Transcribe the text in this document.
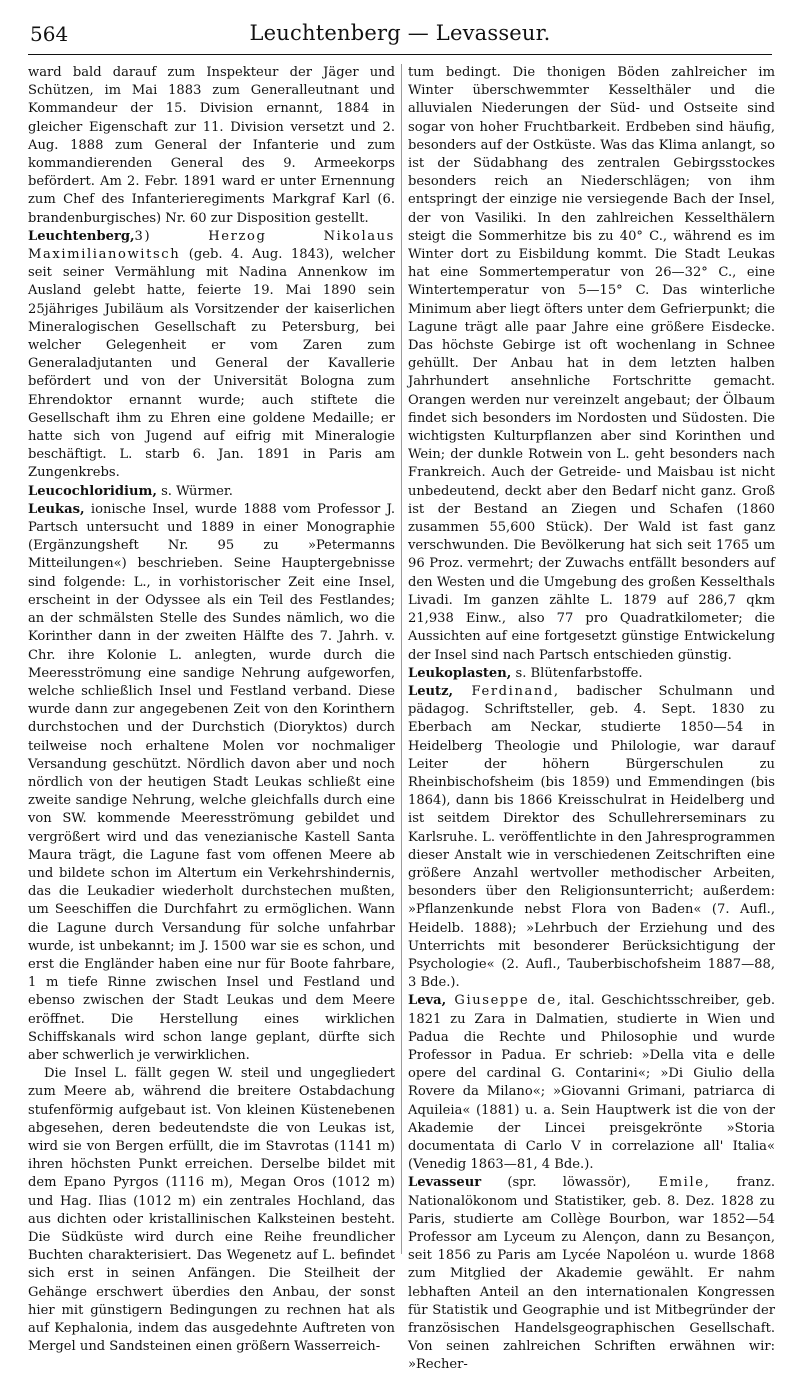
564	Leuchtenberg — Levasseur.

ward bald darauf zum Inspekteur der Jäger und Schützen, im Mai 1883 zum Generalleutnant und Kommandeur der 15. Division ernannt, 1884 in gleicher Eigenschaft zur 11. Division versetzt und 2. Aug. 1888 zum General der Infanterie und zum kommandierenden General des 9. Armeekorps befördert. Am 2. Febr. 1891 ward er unter Ernennung zum Chef des Infanterieregiments Markgraf Karl (6. brandenburgisches) Nr. 60 zur Disposition gestellt.

Leuchtenberg,3) Herzog Nikolaus Maximilianowitsch (geb. 4. Aug. 1843), welcher seit seiner Vermählung mit Nadina Annenkow im Ausland gelebt hatte, feierte 19. Mai 1890 sein 25jähriges Jubiläum als Vorsitzender der kaiserlichen Mineralogischen Gesellschaft zu Petersburg, bei welcher Gelegenheit er vom Zaren zum Generaladjutanten und General der Kavallerie befördert und von der Universität Bologna zum Ehrendoktor ernannt wurde; auch stiftete die Gesellschaft ihm zu Ehren eine goldene Medaille; er hatte sich von Jugend auf eifrig mit Mineralogie beschäftigt. L. starb 6. Jan. 1891 in Paris am Zungenkrebs.

Leucochloridium, s. Würmer.

Leukas, ionische Insel, wurde 1888 vom Professor J. Partsch untersucht und 1889 in einer Monographie (Ergänzungsheft Nr. 95 zu »Petermanns Mitteilungen«) beschrieben. Seine Hauptergebnisse sind folgende: L., in vorhistorischer Zeit eine Insel, erscheint in der Odyssee als ein Teil des Festlandes; an der schmälsten Stelle des Sundes nämlich, wo die Korinther dann in der zweiten Hälfte des 7. Jahrh. v. Chr. ihre Kolonie L. anlegten, wurde durch die Meeresströmung eine sandige Nehrung aufgeworfen, welche schließlich Insel und Festland verband. Diese wurde dann zur angegebenen Zeit von den Korinthern durchstochen und der Durchstich (Dioryktos) durch teilweise noch erhaltene Molen vor nochmaliger Versandung geschützt. Nördlich davon aber und noch nördlich von der heutigen Stadt Leukas schließt eine zweite sandige Nehrung, welche gleichfalls durch eine von SW. kommende Meeresströmung gebildet und vergrößert wird und das venezianische Kastell Santa Maura trägt, die Lagune fast vom offenen Meere ab und bildete schon im Altertum ein Verkehrshindernis, das die Leukadier wiederholt durchstechen mußten, um Seeschiffen die Durchfahrt zu ermöglichen. Wann die Lagune durch Versandung für solche unfahrbar wurde, ist unbekannt; im J. 1500 war sie es schon, und erst die Engländer haben eine nur für Boote fahrbare, 1 m tiefe Rinne zwischen Insel und Festland und ebenso zwischen der Stadt Leukas und dem Meere eröffnet. Die Herstellung eines wirklichen Schiffskanals wird schon lange geplant, dürfte sich aber schwerlich je verwirklichen.

Die Insel L. fällt gegen W. steil und ungegliedert zum Meere ab, während die breitere Ostabdachung stufenförmig aufgebaut ist. Von kleinen Küstenebenen abgesehen, deren bedeutendste die von Leukas ist, wird sie von Bergen erfüllt, die im Stavrotas (1141 m) ihren höchsten Punkt erreichen. Derselbe bildet mit dem Epano Pyrgos (1116 m), Megan Oros (1012 m) und Hag. Ilias (1012 m) ein zentrales Hochland, das aus dichten oder kristallinischen Kalksteinen besteht. Die Südküste wird durch eine Reihe freundlicher Buchten charakterisiert. Das Wegenetz auf L. befindet sich erst in seinen Anfängen. Die Steilheit der Gehänge erschwert überdies den Anbau, der sonst hier mit günstigern Bedingungen zu rechnen hat als auf Kephalonia, indem das ausgedehnte Auftreten von Mergel und Sandsteinen einen größern Wasserreich-

tum bedingt. Die thonigen Böden zahlreicher im Winter überschwemmter Kesselthäler und die alluvialen Niederungen der Süd- und Ostseite sind sogar von hoher Fruchtbarkeit. Erdbeben sind häufig, besonders auf der Ostküste. Was das Klima anlangt, so ist der Südabhang des zentralen Gebirgsstockes besonders reich an Niederschlägen; von ihm entspringt der einzige nie versiegende Bach der Insel, der von Vasiliki. In den zahlreichen Kesselthälern steigt die Sommerhitze bis zu 40° C., während es im Winter dort zu Eisbildung kommt. Die Stadt Leukas hat eine Sommertemperatur von 26—32° C., eine Wintertemperatur von 5—15° C. Das winterliche Minimum aber liegt öfters unter dem Gefrierpunkt; die Lagune trägt alle paar Jahre eine größere Eisdecke. Das höchste Gebirge ist oft wochenlang in Schnee gehüllt. Der Anbau hat in dem letzten halben Jahrhundert ansehnliche Fortschritte gemacht. Orangen werden nur vereinzelt angebaut; der Ölbaum findet sich besonders im Nordosten und Südosten. Die wichtigsten Kulturpflanzen aber sind Korinthen und Wein; der dunkle Rotwein von L. geht besonders nach Frankreich. Auch der Getreide- und Maisbau ist nicht unbedeutend, deckt aber den Bedarf nicht ganz. Groß ist der Bestand an Ziegen und Schafen (1860 zusammen 55,600 Stück). Der Wald ist fast ganz verschwunden. Die Bevölkerung hat sich seit 1765 um 96 Proz. vermehrt; der Zuwachs entfällt besonders auf den Westen und die Umgebung des großen Kesselthals Livadi. Im ganzen zählte L. 1879 auf 286,7 qkm 21,938 Einw., also 77 pro Quadratkilometer; die Aussichten auf eine fortgesetzt günstige Entwickelung der Insel sind nach Partsch entschieden günstig.

Leukoplasten, s. Blütenfarbstoffe.

Leutz, Ferdinand, badischer Schulmann und pädagog. Schriftsteller, geb. 4. Sept. 1830 zu Eberbach am Neckar, studierte 1850—54 in Heidelberg Theologie und Philologie, war darauf Leiter der höhern Bürgerschulen zu Rheinbischofsheim (bis 1859) und Emmendingen (bis 1864), dann bis 1866 Kreisschulrat in Heidelberg und ist seitdem Direktor des Schullehrerseminars zu Karlsruhe. L. veröffentlichte in den Jahresprogrammen dieser Anstalt wie in verschiedenen Zeitschriften eine größere Anzahl wertvoller methodischer Arbeiten, besonders über den Religionsunterricht; außerdem: »Pflanzenkunde nebst Flora von Baden« (7. Aufl., Heidelb. 1888); »Lehrbuch der Erziehung und des Unterrichts mit besonderer Berücksichtigung der Psychologie« (2. Aufl., Tauberbischofsheim 1887—88, 3 Bde.).

Leva, Giuseppe de, ital. Geschichtsschreiber, geb. 1821 zu Zara in Dalmatien, studierte in Wien und Padua die Rechte und Philosophie und wurde Professor in Padua. Er schrieb: »Della vita e delle opere del cardinal G. Contarini«; »Di Giulio della Rovere da Milano«; »Giovanni Grimani, patriarca di Aquileia« (1881) u. a. Sein Hauptwerk ist die von der Akademie der Lincei preisgekrönte »Storia documentata di Carlo V in correlazione all' Italia« (Venedig 1863—81, 4 Bde.).

Levasseur (spr. löwassör), Emile, franz. Nationalökonom und Statistiker, geb. 8. Dez. 1828 zu Paris, studierte am Collège Bourbon, war 1852—54 Professor am Lyceum zu Alençon, dann zu Besançon, seit 1856 zu Paris am Lycée Napoléon u. wurde 1868 zum Mitglied der Akademie gewählt. Er nahm lebhaften Anteil an den internationalen Kongressen für Statistik und Geographie und ist Mitbegründer der französischen Handelsgeographischen Gesellschaft. Von seinen zahlreichen Schriften erwähnen wir: »Recher-
